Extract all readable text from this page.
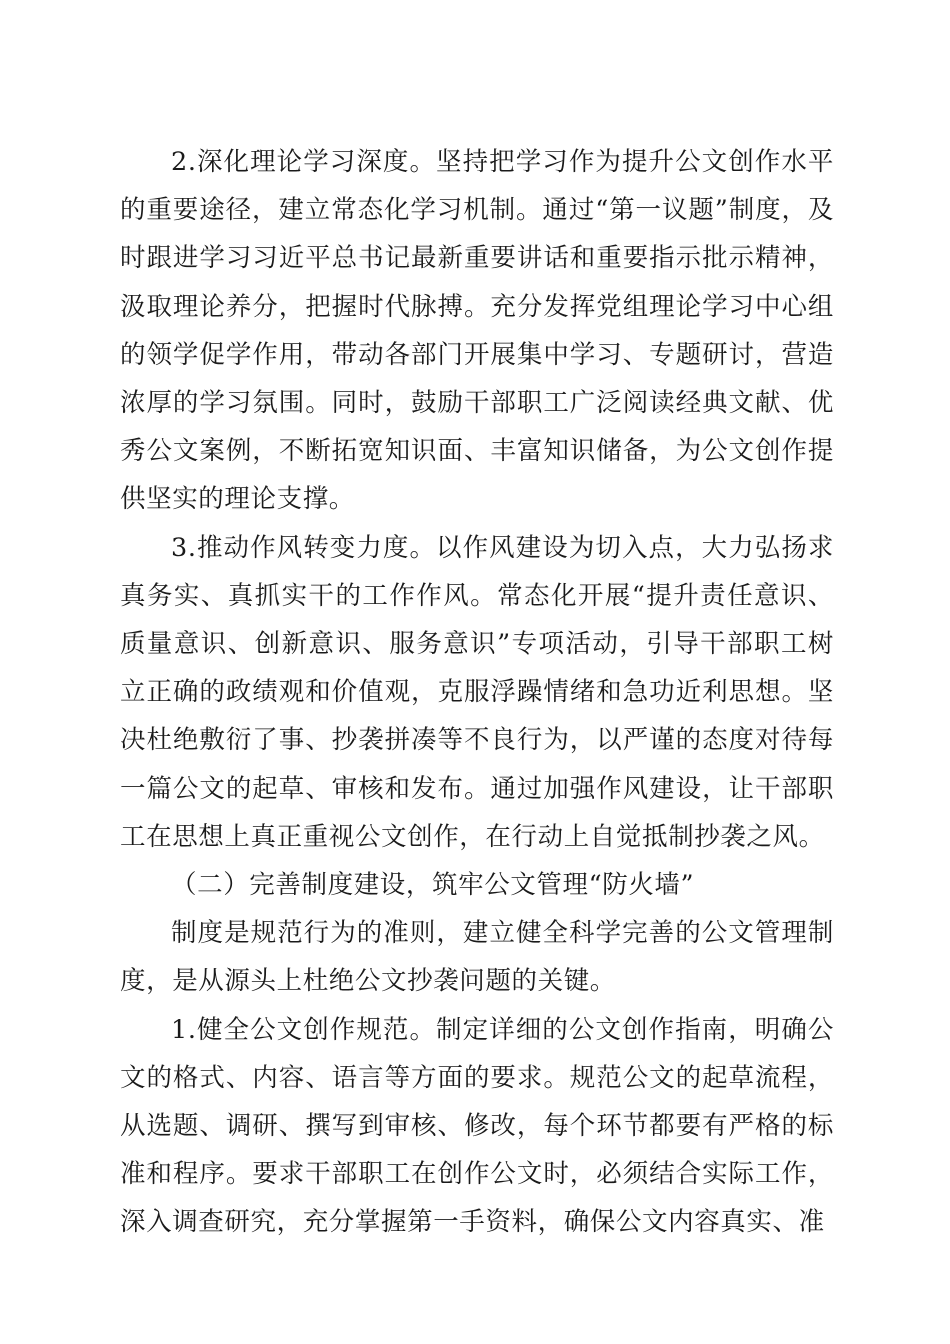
2.深化理论学习深度。坚持把学习作为提升公文创作水平的重要途径，建立常态化学习机制。通过“第一议题”制度，及时跟进学习习近平总书记最新重要讲话和重要指示批示精神，汲取理论养分，把握时代脉搏。充分发挥党组理论学习中心组的领学促学作用，带动各部门开展集中学习、专题研讨，营造浓厚的学习氛围。同时，鼓励干部职工广泛阅读经典文献、优秀公文案例，不断拓宽知识面、丰富知识储备，为公文创作提供坚实的理论支撑。

3.推动作风转变力度。以作风建设为切入点，大力弘扬求真务实、真抓实干的工作作风。常态化开展“提升责任意识、质量意识、创新意识、服务意识”专项活动，引导干部职工树立正确的政绩观和价值观，克服浮躁情绪和急功近利思想。坚决杜绝敷衍了事、抄袭拼凑等不良行为，以严谨的态度对待每一篇公文的起草、审核和发布。通过加强作风建设，让干部职工在思想上真正重视公文创作，在行动上自觉抵制抄袭之风。

（二）完善制度建设，筑牢公文管理“防火墙”

制度是规范行为的准则，建立健全科学完善的公文管理制度，是从源头上杜绝公文抄袭问题的关键。

1.健全公文创作规范。制定详细的公文创作指南，明确公文的格式、内容、语言等方面的要求。规范公文的起草流程，从选题、调研、撰写到审核、修改，每个环节都要有严格的标准和程序。要求干部职工在创作公文时，必须结合实际工作，深入调查研究，充分掌握第一手资料，确保公文内容真实、准
